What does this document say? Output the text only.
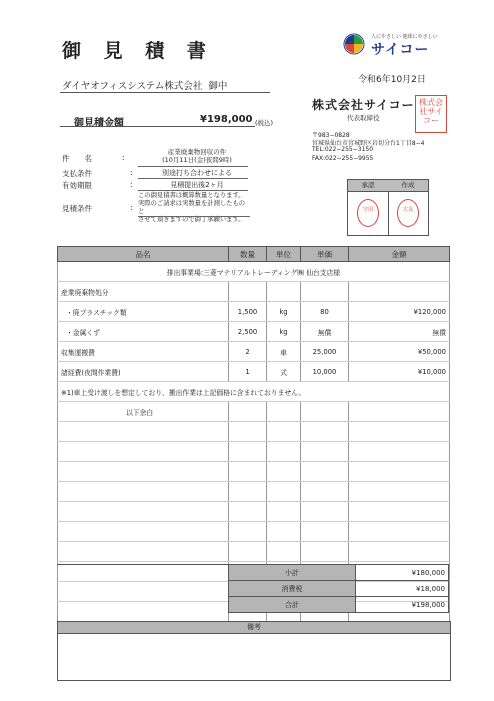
御 見 積 書
人にやさしい 地球にやさしい
サイコー
ダイヤオフィスシステム株式会社 御中
令和6年10月2日
御見積金額	¥198,000 (税込)
株式会社サイコー
代表取締役
株式会社サイコー
〒983−0828
宮城県仙台市宮城野区岩切分台1丁目8−4
TEL:022−255−3150
FAX:022−255−9955
件　　名	:
産業廃棄物回収の件
(10月11日(金)夜間9時)
支払条件	:	別途打ち合わせによる
有効期限	:	見積提出後2ヶ月
見積条件	:
この御見積書は概算数量となります。
実際のご請求は実数量を計測したものと
させて頂きますので御了承願います。
承認	作成
守田	大友
品名	数量	単位	単価	金額
排出事業場:三菱マテリアルトレーディング㈱ 仙台支店様				
産業廃棄物処分				
・廃プラスチック類	1,500	kg	80	¥120,000
・金属くず	2,500	kg	無償	無償
収集運搬費	2	車	25,000	¥50,000
諸経費(夜間作業費)	1	式	10,000	¥10,000
※1)車上受け渡しを想定しており、搬出作業は上記価格に含まれておりません。				
以下余白				

小計	¥180,000
消費税	¥18,000
合計	¥198,000
備考
